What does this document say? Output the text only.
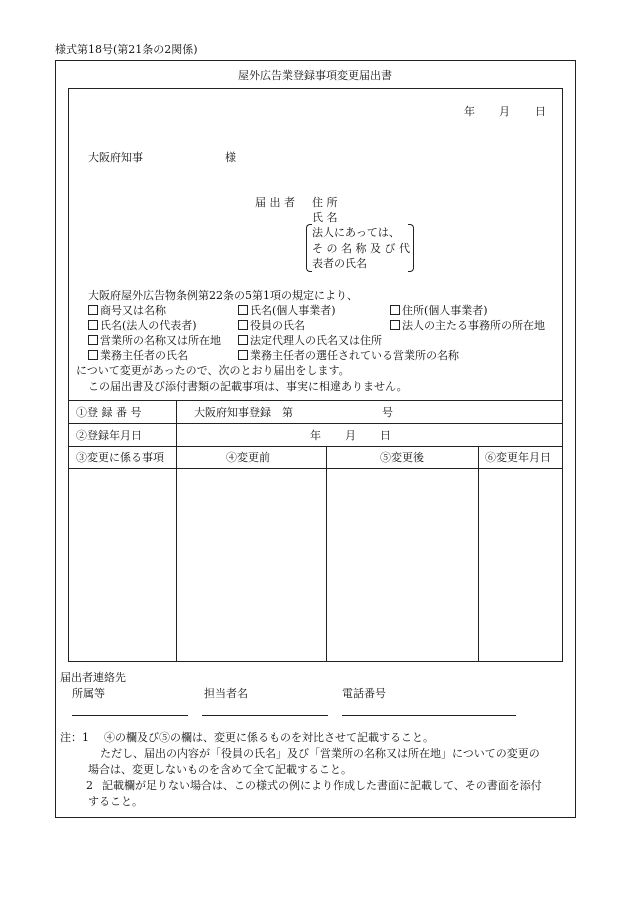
様式第18号(第21条の2関係)
屋外広告業登録事項変更届出書
年 月 日
大阪府知事	様
届 出 者 住 所
氏 名
法人にあっては、
そ の 名 称 及 び 代
表者の氏名
大阪府屋外広告物条例第22条の5第1項の規定により、
商号又は名称	氏名(個人事業者)	住所(個人事業者)
氏名(法人の代表者)	役員の氏名	法人の主たる事務所の所在地
営業所の名称又は所在地	法定代理人の氏名又は住所
業務主任者の氏名	業務主任者の選任されている営業所の名称
について変更があったので、次のとおり届出をします。
この届出書及び添付書類の記載事項は、事実に相違ありません。
①登 録 番 号	大阪府知事登録　第	号
②登録年月日	年 月 日
③変更に係る事項	④変更前	⑤変更後	⑥変更年月日
届出者連絡先
所属等	担当者名	電話番号
注：1 ④の欄及び⑤の欄は、変更に係るものを対比させて記載すること。
ただし、届出の内容が「役員の氏名」及び「営業所の名称又は所在地」についての変更の
場合は、変更しないものを含めて全て記載すること。
2 記載欄が足りない場合は、この様式の例により作成した書面に記載して、その書面を添付
すること。
